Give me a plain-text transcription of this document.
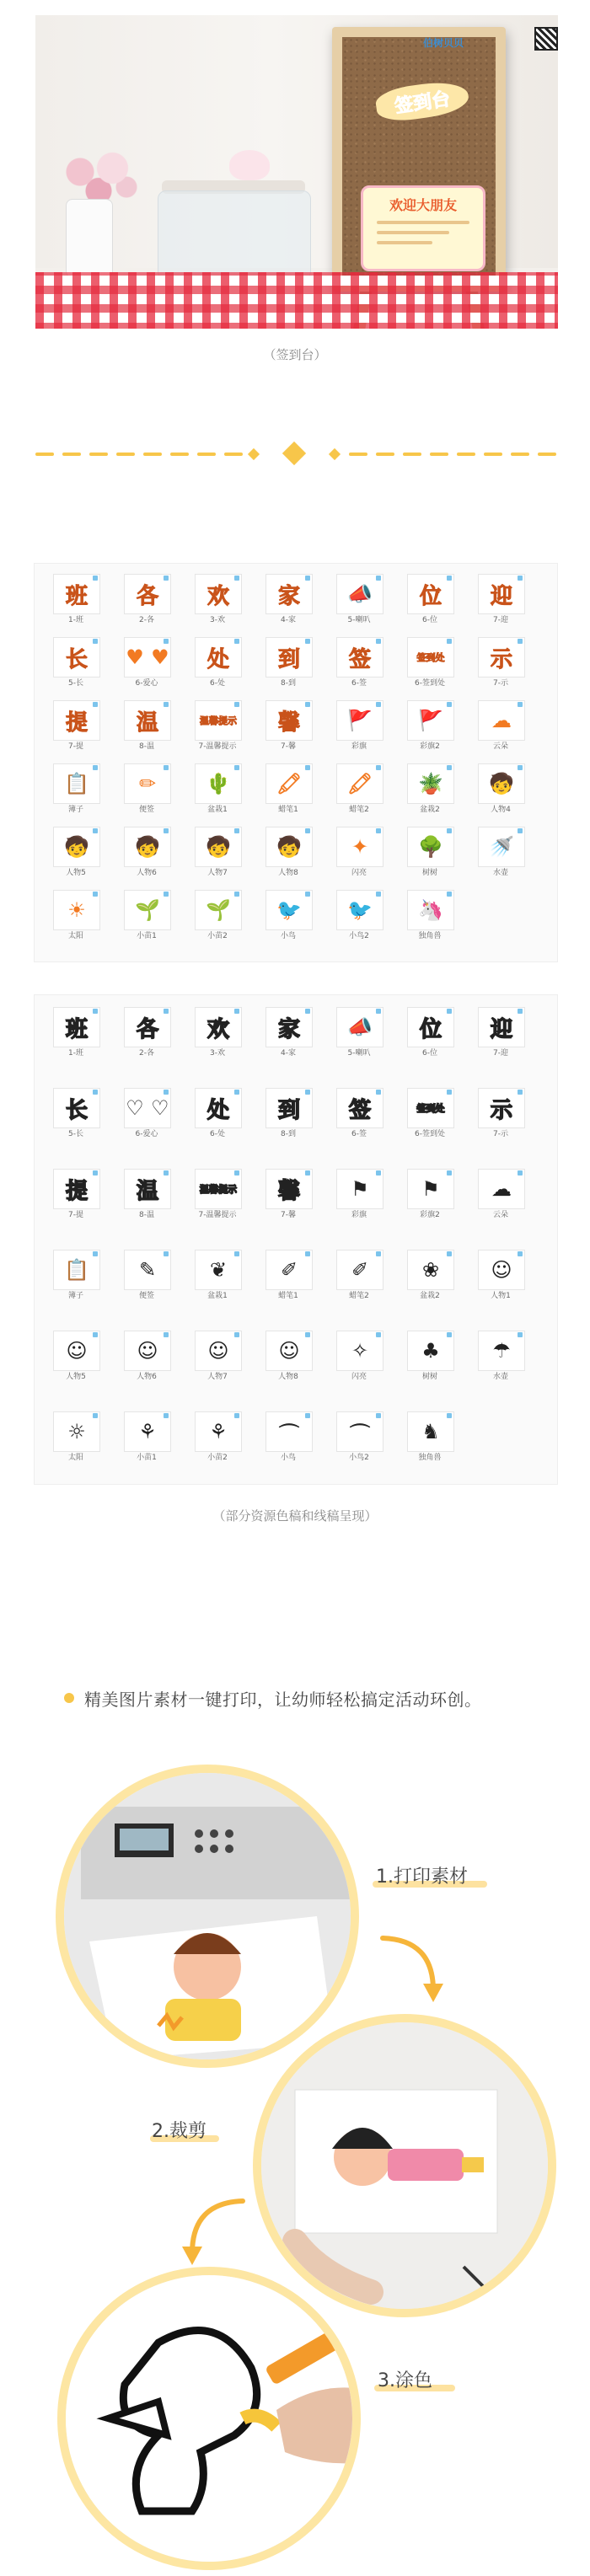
签到台
欢迎大朋友
伯树贝贝
（签到台）
班
1-班
各
2-各
欢
3-欢
家
4-家
📣
5-喇叭
位
6-位
迎
7-迎
长
5-长
♥ ♥
6-爱心
处
6-处
到
8-到
签
6-签
签到处
6-签到处
示
7-示
提
7-提
温
8-温
温馨提示
7-温馨提示
馨
7-馨
🚩
彩旗
🚩
彩旗2
☁
云朵
📋
簿子
✏
便签
🌵
盆栽1
🖍
蜡笔1
🖍
蜡笔2
🪴
盆栽2
🧒
人物4
🧒
人物5
🧒
人物6
🧒
人物7
🧒
人物8
✦
闪亮
🌳
树树
🚿
水壶
☀
太阳
🌱
小苗1
🌱
小苗2
🐦
小鸟
🐦
小鸟2
🦄
独角兽
班
1-班
各
2-各
欢
3-欢
家
4-家
📣
5-喇叭
位
6-位
迎
7-迎
长
5-长
♡ ♡
6-爱心
处
6-处
到
8-到
签
6-签
签到处
6-签到处
示
7-示
提
7-提
温
8-温
温馨提示
7-温馨提示
馨
7-馨
⚑
彩旗
⚑
彩旗2
☁
云朵
📋
簿子
✎
便签
❦
盆栽1
✐
蜡笔1
✐
蜡笔2
❀
盆栽2
☺
人物1
☺
人物5
☺
人物6
☺
人物7
☺
人物8
✧
闪亮
♣
树树
☂
水壶
☼
太阳
⚘
小苗1
⚘
小苗2
⌒
小鸟
⌒
小鸟2
♞
独角兽
（部分资源色稿和线稿呈现）
精美图片素材一键打印，让幼师轻松搞定活动环创。
1.打印素材
2.裁剪
3.涂色
